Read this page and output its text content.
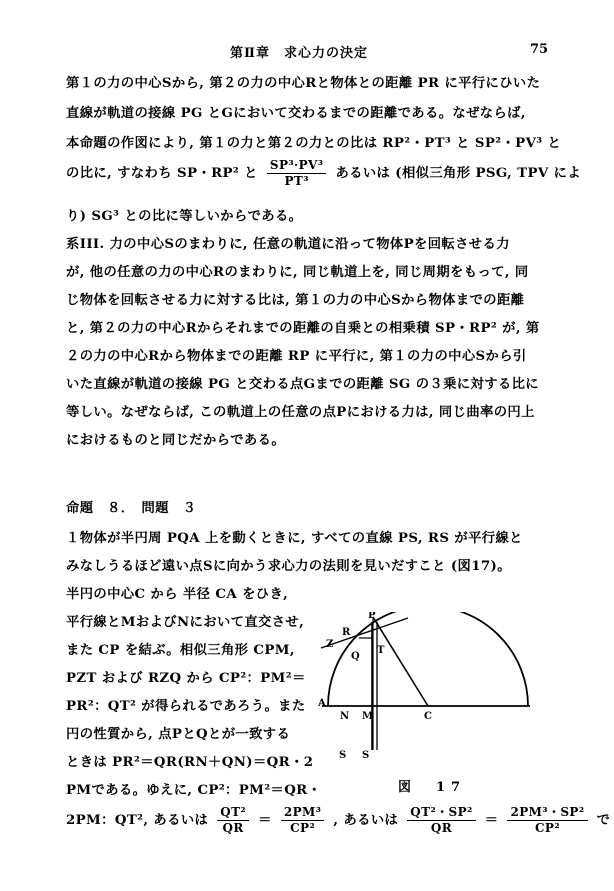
第Ⅱ章　求心力の決定	75
第１の力の中心Sから, 第２の力の中心Rと物体との距離 PR に平行にひいた
直線が軌道の接線 PG とGにおいて交わるまでの距離である。なぜならば,
本命題の作図により, 第１の力と第２の力との比は RP²・PT³ と SP²・PV³ と
の比に, すなわち SP・RP² と $\frac{\text{SP³·PV³}}{\text{PT³}}$ あるいは (相似三角形 PSG, TPV によ
り) SG³ との比に等しいからである。
系III. 力の中心Sのまわりに, 任意の軌道に沿って物体Pを回転させる力
が, 他の任意の力の中心Rのまわりに, 同じ軌道上を, 同じ周期をもって, 同
じ物体を回転させる力に対する比は, 第１の力の中心Sから物体までの距離
と, 第２の力の中心Rからそれまでの距離の自乗との相乗積 SP・RP² が, 第
２の力の中心Rから物体までの距離 RP に平行に, 第１の力の中心Sから引
いた直線が軌道の接線 PG と交わる点Gまでの距離 SG の３乗に対する比に
等しい。なぜならば, この軌道上の任意の点Pにおける力は, 同じ曲率の円上
におけるものと同じだからである。
命題　８．　問題　３
１物体が半円周 PQA 上を動くときに, すべての直線 PS, RS が平行線と
みなしうるほど遠い点Sに向かう求心力の法則を見いだすこと (図17)。
半円の中心C から 半径 CA をひき,
平行線とMおよびNにおいて直交させ,
また CP を結ぶ。相似三角形 CPM,
PZT および RZQ から CP²：PM²＝
PR²：QT² が得られるであろう。また
円の性質から, 点PとQとが一致する
ときは PR²＝QR(RN＋QN)＝QR・2
PMである。ゆえに, CP²：PM²＝QR・
2PM：QT², あるいは $\frac{\text{QT²}}{QR} = \frac{\text{2PM³}}{\text{CP²}}$ , あるいは $\frac{\text{QT²・SP²}}{QR} = \frac{\text{2PM³・SP²}}{\text{CP²}}$ で
P
R
Z
Q
T
A
N M	C
S S
図　17
